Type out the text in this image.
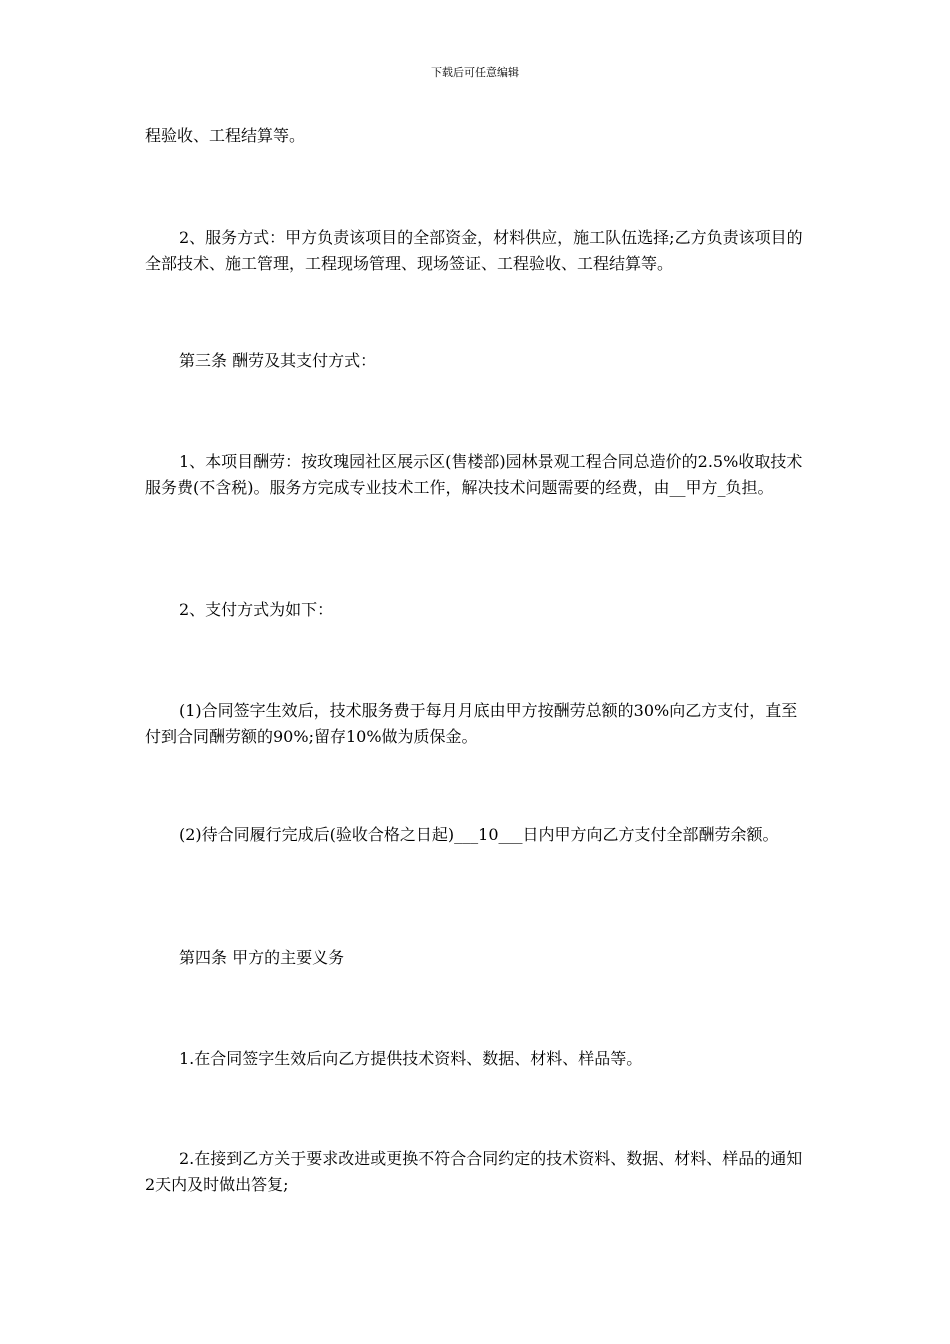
下载后可任意编辑

程验收、工程结算等。

2、服务方式：甲方负责该项目的全部资金，材料供应，施工队伍选择;乙方负责该项目的全部技术、施工管理，工程现场管理、现场签证、工程验收、工程结算等。

第三条 酬劳及其支付方式：

1、本项目酬劳：按玫瑰园社区展示区(售楼部)园林景观工程合同总造价的2.5%收取技术服务费(不含税)。服务方完成专业技术工作，解决技术问题需要的经费，由__甲方_负担。

2、支付方式为如下：

(1)合同签字生效后，技术服务费于每月月底由甲方按酬劳总额的30%向乙方支付，直至付到合同酬劳额的90%;留存10%做为质保金。

(2)待合同履行完成后(验收合格之日起)___10___日内甲方向乙方支付全部酬劳余额。

第四条 甲方的主要义务

1.在合同签字生效后向乙方提供技术资料、数据、材料、样品等。

2.在接到乙方关于要求改进或更换不符合合同约定的技术资料、数据、材料、样品的通知2天内及时做出答复;
